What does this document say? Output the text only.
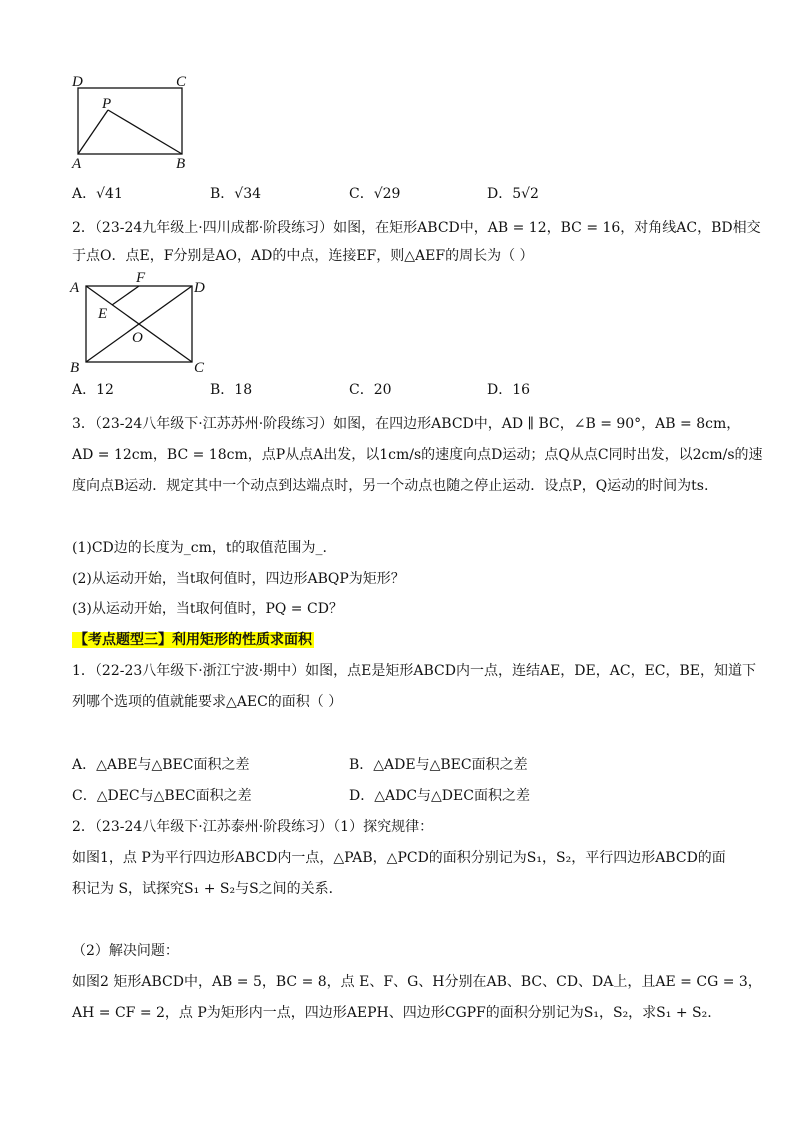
D	C
P
A	B
A．√41	B．√34	C．√29	D．5√2
2．（23-24九年级上·四川成都·阶段练习）如图，在矩形ABCD中，AB = 12，BC = 16，对角线AC，BD相交
于点O．点E，F分别是AO，AD的中点，连接EF，则△AEF的周长为（ ）
A
F
D
E
O
B	C
A．12	B．18	C．20	D．16
3．（23-24八年级下·江苏苏州·阶段练习）如图，在四边形ABCD中，AD ∥ BC，∠B = 90°，AB = 8cm，
AD = 12cm，BC = 18cm，点P从点A出发，以1cm/s的速度向点D运动；点Q从点C同时出发，以2cm/s的速
度向点B运动．规定其中一个动点到达端点时，另一个动点也随之停止运动．设点P，Q运动的时间为ts.
(1)CD边的长度为_cm，t的取值范围为_.
(2)从运动开始，当t取何值时，四边形ABQP为矩形？
(3)从运动开始，当t取何值时，PQ = CD？
【考点题型三】利用矩形的性质求面积
1．（22-23八年级下·浙江宁波·期中）如图，点E是矩形ABCD内一点，连结AE，DE，AC，EC，BE，知道下
列哪个选项的值就能要求△AEC的面积（ ）
A．△ABE与△BEC面积之差	B．△ADE与△BEC面积之差
C．△DEC与△BEC面积之差	D．△ADC与△DEC面积之差
2．（23-24八年级下·江苏泰州·阶段练习）（1）探究规律：
如图1，点 P为平行四边形ABCD内一点，△PAB，△PCD的面积分别记为S₁，S₂，平行四边形ABCD的面
积记为 S，试探究S₁ + S₂与S之间的关系．
（2）解决问题：
如图2 矩形ABCD中，AB = 5，BC = 8，点 E、F、G、H分别在AB、BC、CD、DA上，且AE = CG = 3，
AH = CF = 2，点 P为矩形内一点，四边形AEPH、四边形CGPF的面积分别记为S₁，S₂，求S₁ + S₂.
